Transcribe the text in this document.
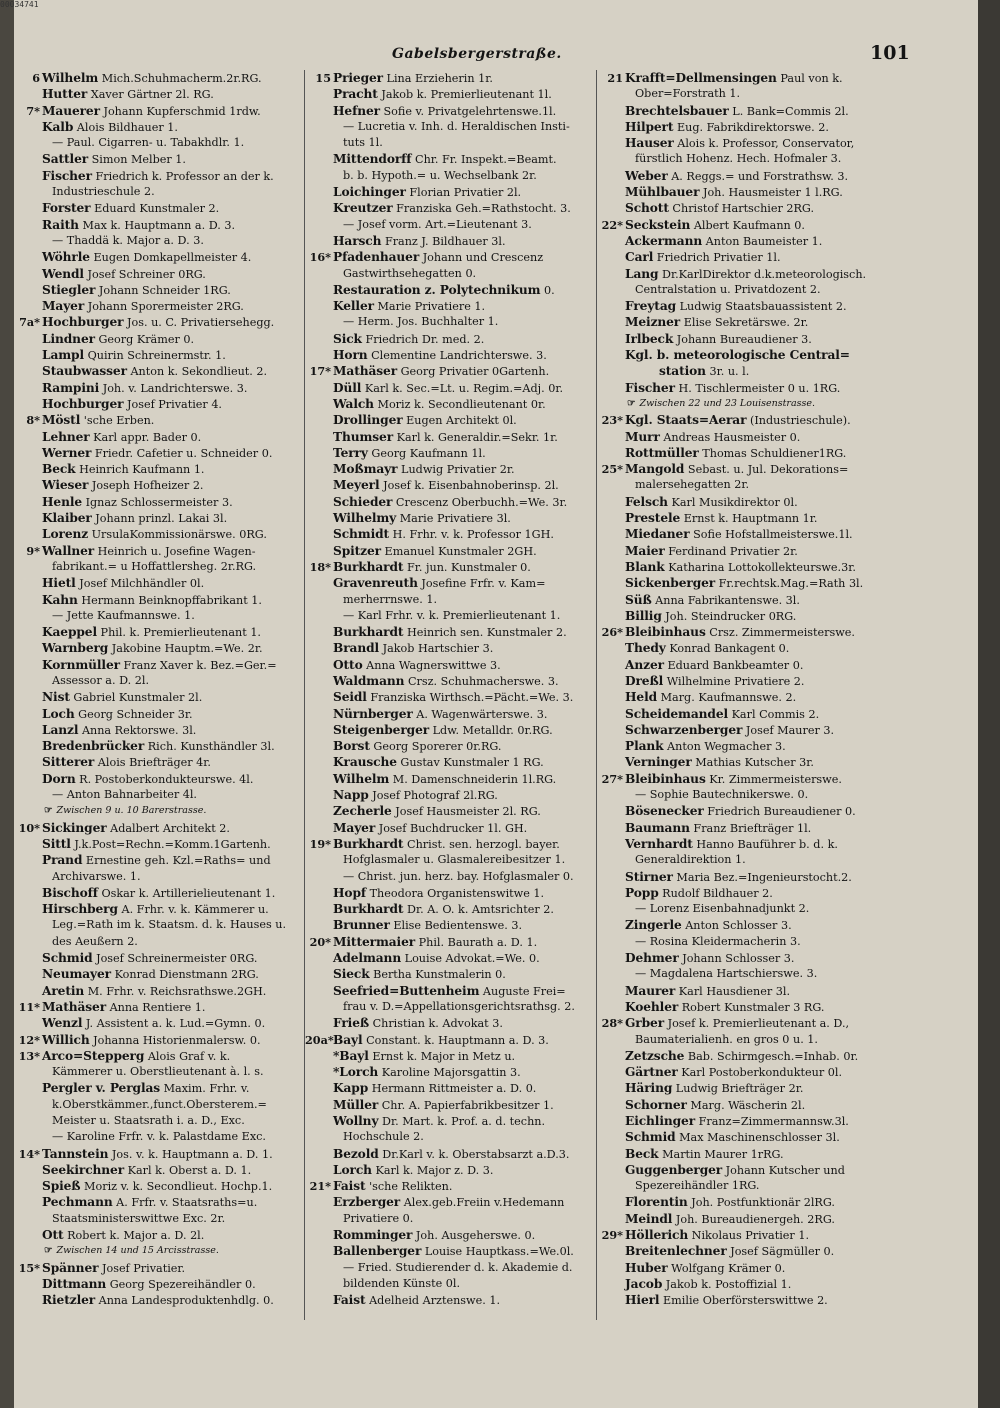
00034741
Gabelsbergerstraße.	101
6 Wilhelm Mich.Schuhmacherm.2r.RG.
Hutter Xaver Gärtner 2l. RG.
7* Mauerer Johann Kupferschmid 1rdw.
Kalb Alois Bildhauer 1.
— Paul. Cigarren- u. Tabakhdlr. 1.
Sattler Simon Melber 1.
Fischer Friedrich k. Professor an der k.
Industrieschule 2.
Forster Eduard Kunstmaler 2.
Raith Max k. Hauptmann a. D. 3.
— Thaddä k. Major a. D. 3.
Wöhrle Eugen Domkapellmeister 4.
Wendl Josef Schreiner 0RG.
Stiegler Johann Schneider 1RG.
Mayer Johann Sporermeister 2RG.
7a* Hochburger Jos. u. C. Privatiersehegg.
Lindner Georg Krämer 0.
Lampl Quirin Schreinermstr. 1.
Staubwasser Anton k. Sekondlieut. 2.
Rampini Joh. v. Landrichterswe. 3.
Hochburger Josef Privatier 4.
8* Möstl 'sche Erben.
Lehner Karl appr. Bader 0.
Werner Friedr. Cafetier u. Schneider 0.
Beck Heinrich Kaufmann 1.
Wieser Joseph Hofheizer 2.
Henle Ignaz Schlossermeister 3.
Klaiber Johann prinzl. Lakai 3l.
Lorenz UrsulaKommissionärswe. 0RG.
9* Wallner Heinrich u. Josefine Wagen-
fabrikant.= u Hoffattlersheg. 2r.RG.
Hietl Josef Milchhändler 0l.
Kahn Hermann Beinknopffabrikant 1.
— Jette Kaufmannswe. 1.
Kaeppel Phil. k. Premierlieutenant 1.
Warnberg Jakobine Hauptm.=We. 2r.
Kornmüller Franz Xaver k. Bez.=Ger.=
Assessor a. D. 2l.
Nist Gabriel Kunstmaler 2l.
Loch Georg Schneider 3r.
Lanzl Anna Rektorswe. 3l.
Bredenbrücker Rich. Kunsthändler 3l.
Sitterer Alois Briefträger 4r.
Dorn R. Postoberkondukteurswe. 4l.
— Anton Bahnarbeiter 4l.
☞ Zwischen 9 u. 10 Barerstrasse.
10* Sickinger Adalbert Architekt 2.
Sittl J.k.Post=Rechn.=Komm.1Gartenh.
Prand Ernestine geh. Kzl.=Raths= und
Archivarswe. 1.
Bischoff Oskar k. Artillerielieutenant 1.
Hirschberg A. Frhr. v. k. Kämmerer u.
Leg.=Rath im k. Staatsm. d. k. Hauses u.
des Aeußern 2.
Schmid Josef Schreinermeister 0RG.
Neumayer Konrad Dienstmann 2RG.
Aretin M. Frhr. v. Reichsrathswe.2GH.
11* Mathäser Anna Rentiere 1.
Wenzl J. Assistent a. k. Lud.=Gymn. 0.
12* Willich Johanna Historienmalersw. 0.
13* Arco=Stepperg Alois Graf v. k.
Kämmerer u. Oberstlieutenant à. l. s.
Pergler v. Perglas Maxim. Frhr. v.
k.Oberstkämmer.,funct.Obersterem.=
Meister u. Staatsrath i. a. D., Exc.
— Karoline Frfr. v. k. Palastdame Exc.
14* Tannstein Jos. v. k. Hauptmann a. D. 1.
Seekirchner Karl k. Oberst a. D. 1.
Spieß Moriz v. k. Secondlieut. Hochp.1.
Pechmann A. Frfr. v. Staatsraths=u.
Staatsministerswittwe Exc. 2r.
Ott Robert k. Major a. D. 2l.
☞ Zwischen 14 und 15 Arcisstrasse.
15* Spänner Josef Privatier.
Dittmann Georg Spezereihändler 0.
Rietzler Anna Landesproduktenhdlg. 0.
15 Prieger Lina Erzieherin 1r.
Pracht Jakob k. Premierlieutenant 1l.
Hefner Sofie v. Privatgelehrtenswe.1l.
— Lucretia v. Inh. d. Heraldischen Insti-
tuts 1l.
Mittendorff Chr. Fr. Inspekt.=Beamt.
b. b. Hypoth.= u. Wechselbank 2r.
Loichinger Florian Privatier 2l.
Kreutzer Franziska Geh.=Rathstocht. 3.
— Josef vorm. Art.=Lieutenant 3.
Harsch Franz J. Bildhauer 3l.
16* Pfadenhauer Johann und Crescenz
Gastwirthsehegatten 0.
Restauration z. Polytechnikum 0.
Keller Marie Privatiere 1.
— Herm. Jos. Buchhalter 1.
Sick Friedrich Dr. med. 2.
Horn Clementine Landrichterswe. 3.
17* Mathäser Georg Privatier 0Gartenh.
Düll Karl k. Sec.=Lt. u. Regim.=Adj. 0r.
Walch Moriz k. Secondlieutenant 0r.
Drollinger Eugen Architekt 0l.
Thumser Karl k. Generaldir.=Sekr. 1r.
Terry Georg Kaufmann 1l.
Moßmayr Ludwig Privatier 2r.
Meyerl Josef k. Eisenbahnoberinsp. 2l.
Schieder Crescenz Oberbuchh.=We. 3r.
Wilhelmy Marie Privatiere 3l.
Schmidt H. Frhr. v. k. Professor 1GH.
Spitzer Emanuel Kunstmaler 2GH.
18* Burkhardt Fr. jun. Kunstmaler 0.
Gravenreuth Josefine Frfr. v. Kam=
merherrnswe. 1.
— Karl Frhr. v. k. Premierlieutenant 1.
Burkhardt Heinrich sen. Kunstmaler 2.
Brandl Jakob Hartschier 3.
Otto Anna Wagnerswittwe 3.
Waldmann Crsz. Schuhmacherswe. 3.
Seidl Franziska Wirthsch.=Pächt.=We. 3.
Nürnberger A. Wagenwärterswe. 3.
Steigenberger Ldw. Metalldr. 0r.RG.
Borst Georg Sporerer 0r.RG.
Krausche Gustav Kunstmaler 1 RG.
Wilhelm M. Damenschneiderin 1l.RG.
Napp Josef Photograf 2l.RG.
Zecherle Josef Hausmeister 2l. RG.
Mayer Josef Buchdrucker 1l. GH.
19* Burkhardt Christ. sen. herzogl. bayer.
Hofglasmaler u. Glasmalereibesitzer 1.
— Christ. jun. herz. bay. Hofglasmaler 0.
Hopf Theodora Organistenswitwe 1.
Burkhardt Dr. A. O. k. Amtsrichter 2.
Brunner Elise Bedientenswe. 3.
20* Mittermaier Phil. Baurath a. D. 1.
Adelmann Louise Advokat.=We. 0.
Sieck Bertha Kunstmalerin 0.
Seefried=Buttenheim Auguste Frei=
frau v. D.=Appellationsgerichtsrathsg. 2.
Frieß Christian k. Advokat 3.
20a*Bayl Constant. k. Hauptmann a. D. 3.
*Bayl Ernst k. Major in Metz u.
*Lorch Karoline Majorsgattin 3.
Kapp Hermann Rittmeister a. D. 0.
Müller Chr. A. Papierfabrikbesitzer 1.
Wollny Dr. Mart. k. Prof. a. d. techn.
Hochschule 2.
Bezold Dr.Karl v. k. Oberstabsarzt a.D.3.
Lorch Karl k. Major z. D. 3.
21* Faist 'sche Relikten.
Erzberger Alex.geb.Freiin v.Hedemann
Privatiere 0.
Romminger Joh. Ausgeherswe. 0.
Ballenberger Louise Hauptkass.=We.0l.
— Fried. Studierender d. k. Akademie d.
bildenden Künste 0l.
Faist Adelheid Arztenswe. 1.
21 Krafft=Dellmensingen Paul von k.
Ober=Forstrath 1.
Brechtelsbauer L. Bank=Commis 2l.
Hilpert Eug. Fabrikdirektorswe. 2.
Hauser Alois k. Professor, Conservator,
fürstlich Hohenz. Hech. Hofmaler 3.
Weber A. Reggs.= und Forstrathsw. 3.
Mühlbauer Joh. Hausmeister 1 l.RG.
Schott Christof Hartschier 2RG.
22* Seckstein Albert Kaufmann 0.
Ackermann Anton Baumeister 1.
Carl Friedrich Privatier 1l.
Lang Dr.KarlDirektor d.k.meteorologisch.
Centralstation u. Privatdozent 2.
Freytag Ludwig Staatsbauassistent 2.
Meizner Elise Sekretärswe. 2r.
Irlbeck Johann Bureaudiener 3.
Kgl. b. meteorologische Central=
station 3r. u. l.
Fischer H. Tischlermeister 0 u. 1RG.
☞ Zwischen 22 und 23 Louisenstrasse.
23* Kgl. Staats=Aerar (Industrieschule).
Murr Andreas Hausmeister 0.
Rottmüller Thomas Schuldiener1RG.
25* Mangold Sebast. u. Jul. Dekorations=
malersehegatten 2r.
Felsch Karl Musikdirektor 0l.
Prestele Ernst k. Hauptmann 1r.
Miedaner Sofie Hofstallmeisterswe.1l.
Maier Ferdinand Privatier 2r.
Blank Katharina Lottokollekteurswe.3r.
Sickenberger Fr.rechtsk.Mag.=Rath 3l.
Süß Anna Fabrikantenswe. 3l.
Billig Joh. Steindrucker 0RG.
26* Bleibinhaus Crsz. Zimmermeisterswe.
Thedy Konrad Bankagent 0.
Anzer Eduard Bankbeamter 0.
Dreßl Wilhelmine Privatiere 2.
Held Marg. Kaufmannswe. 2.
Scheidemandel Karl Commis 2.
Schwarzenberger Josef Maurer 3.
Plank Anton Wegmacher 3.
Verninger Mathias Kutscher 3r.
27* Bleibinhaus Kr. Zimmermeisterswe.
— Sophie Bautechnikerswe. 0.
Bösenecker Friedrich Bureaudiener 0.
Baumann Franz Briefträger 1l.
Vernhardt Hanno Bauführer b. d. k.
Generaldirektion 1.
Stirner Maria Bez.=Ingenieurstocht.2.
Popp Rudolf Bildhauer 2.
— Lorenz Eisenbahnadjunkt 2.
Zingerle Anton Schlosser 3.
— Rosina Kleidermacherin 3.
Dehmer Johann Schlosser 3.
— Magdalena Hartschierswe. 3.
Maurer Karl Hausdiener 3l.
Koehler Robert Kunstmaler 3 RG.
28* Grber Josef k. Premierlieutenant a. D.,
Baumaterialienh. en gros 0 u. 1.
Zetzsche Bab. Schirmgesch.=Inhab. 0r.
Gärtner Karl Postoberkondukteur 0l.
Häring Ludwig Briefträger 2r.
Schorner Marg. Wäscherin 2l.
Eichlinger Franz=Zimmermannsw.3l.
Schmid Max Maschinenschlosser 3l.
Beck Martin Maurer 1rRG.
Guggenberger Johann Kutscher und
Spezereihändler 1RG.
Florentin Joh. Postfunktionär 2lRG.
Meindl Joh. Bureaudienergeh. 2RG.
29* Höllerich Nikolaus Privatier 1.
Breitenlechner Josef Sägmüller 0.
Huber Wolfgang Krämer 0.
Jacob Jakob k. Postoffizial 1.
Hierl Emilie Oberförsterswittwe 2.
